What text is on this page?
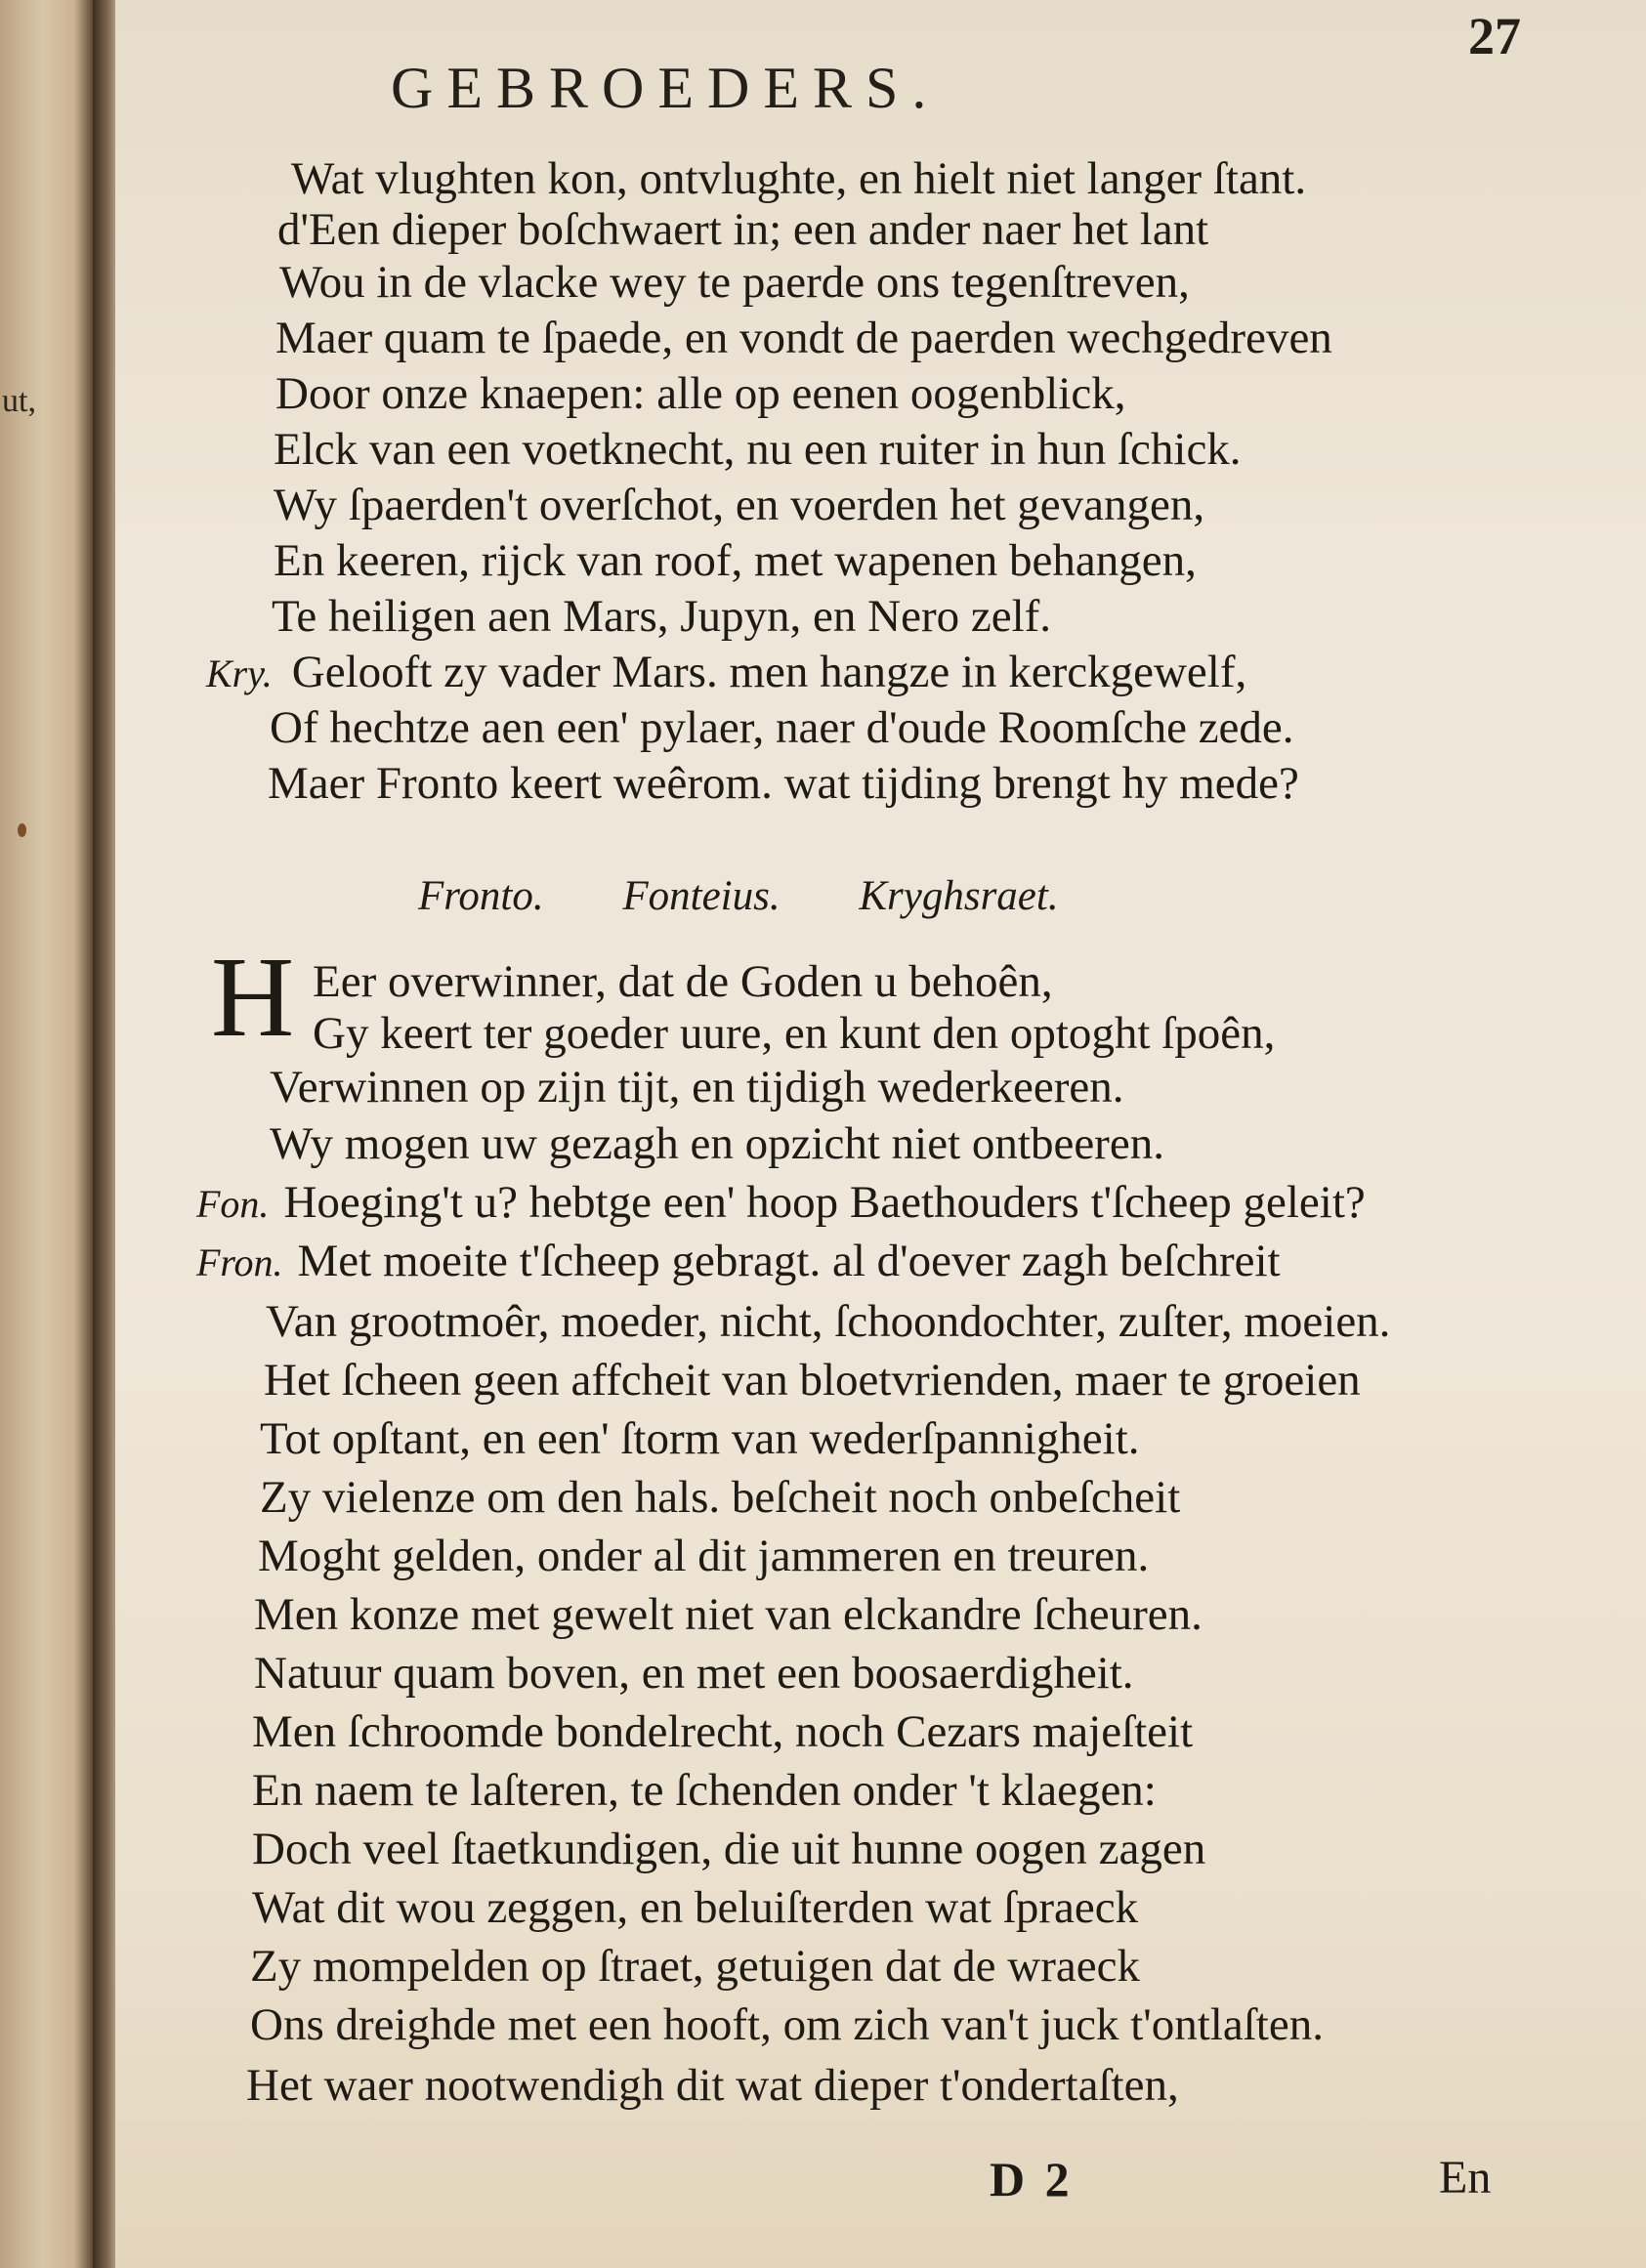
ut,
27
GEBROEDERS.
Wat vlughten kon, ontvlughte, en hielt niet langer ſtant.
d'Een dieper boſchwaert in; een ander naer het lant
Wou in de vlacke wey te paerde ons tegenſtreven,
Maer quam te ſpaede, en vondt de paerden wechgedreven
Door onze knaepen: alle op eenen oogenblick,
Elck van een voetknecht, nu een ruiter in hun ſchick.
Wy ſpaerden't overſchot, en voerden het gevangen,
En keeren, rijck van roof, met wapenen behangen,
Te heiligen aen Mars, Jupyn, en Nero zelf.
Kry. Gelooft zy vader Mars. men hangze in kerckgewelf,
Of hechtze aen een' pylaer, naer d'oude Roomſche zede.
Maer Fronto keert weêrom. wat tijding brengt hy mede?
Fronto. Fonteius. Kryghsraet.
H Eer overwinner, dat de Goden u behoên,
Gy keert ter goeder uure, en kunt den optoght ſpoên,
Verwinnen op zijn tijt, en tijdigh wederkeeren.
Wy mogen uw gezagh en opzicht niet ontbeeren.
Fon. Hoeging't u? hebtge een' hoop Baethouders t'ſcheep geleit?
Fron. Met moeite t'ſcheep gebragt. al d'oever zagh beſchreit
Van grootmoêr, moeder, nicht, ſchoondochter, zuſter, moeien.
Het ſcheen geen affcheit van bloetvrienden, maer te groeien
Tot opſtant, en een' ſtorm van wederſpannigheit.
Zy vielenze om den hals. beſcheit noch onbeſcheit
Moght gelden, onder al dit jammeren en treuren.
Men konze met gewelt niet van elckandre ſcheuren.
Natuur quam boven, en met een boosaerdigheit.
Men ſchroomde bondelrecht, noch Cezars majeſteit
En naem te laſteren, te ſchenden onder 't klaegen:
Doch veel ſtaetkundigen, die uit hunne oogen zagen
Wat dit wou zeggen, en beluiſterden wat ſpraeck
Zy mompelden op ſtraet, getuigen dat de wraeck
Ons dreighde met een hooft, om zich van't juck t'ontlaſten.
Het waer nootwendigh dit wat dieper t'ondertaſten,
D 2	En
